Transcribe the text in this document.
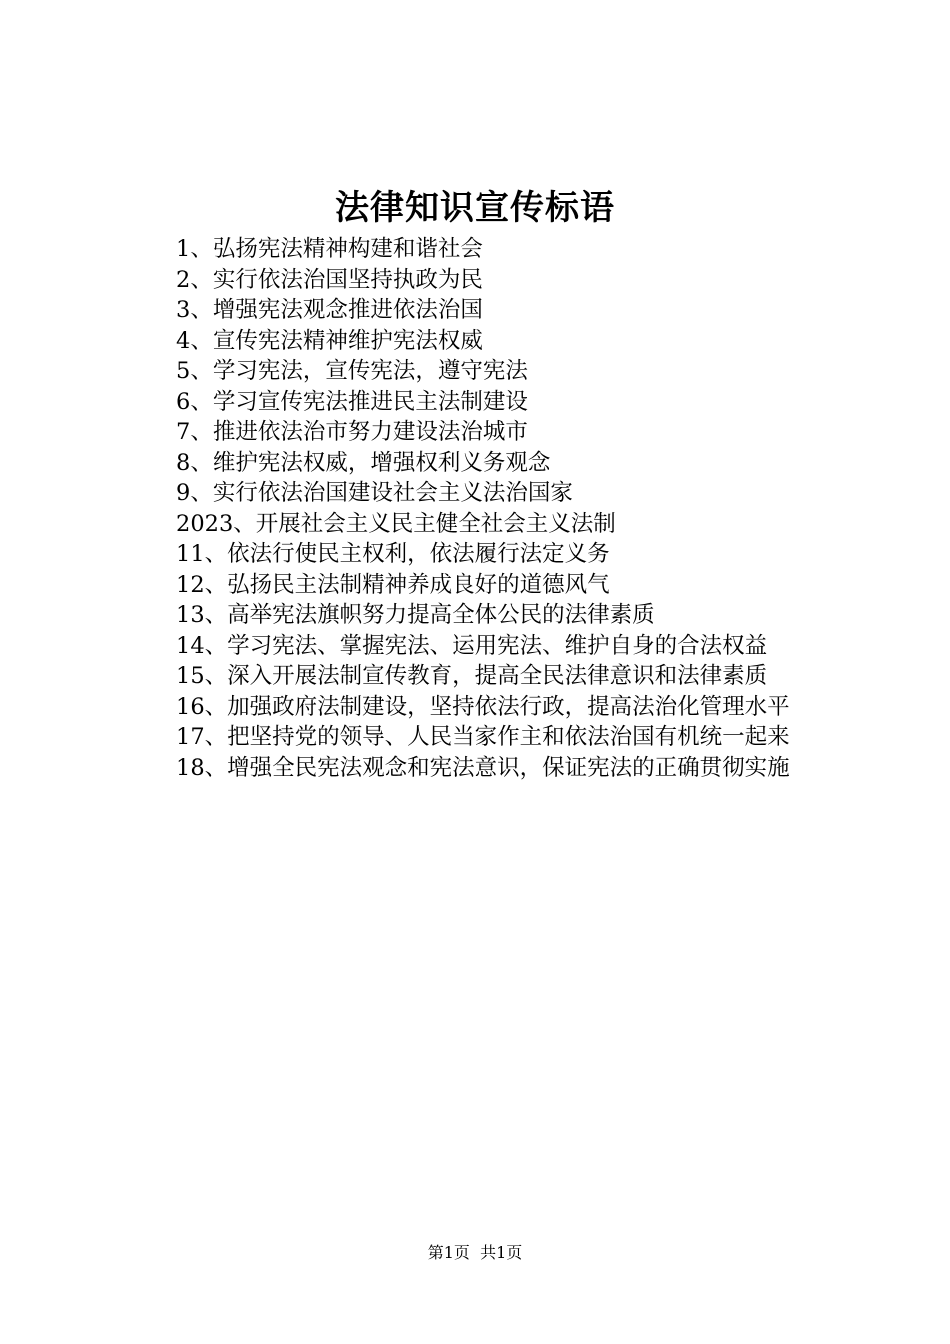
法律知识宣传标语

1、弘扬宪法精神构建和谐社会

2、实行依法治国坚持执政为民

3、增强宪法观念推进依法治国

4、宣传宪法精神维护宪法权威

5、学习宪法，宣传宪法，遵守宪法

6、学习宣传宪法推进民主法制建设

7、推进依法治市努力建设法治城市

8、维护宪法权威，增强权利义务观念

9、实行依法治国建设社会主义法治国家

2023、开展社会主义民主健全社会主义法制

11、依法行使民主权利，依法履行法定义务

12、弘扬民主法制精神养成良好的道德风气

13、高举宪法旗帜努力提高全体公民的法律素质

14、学习宪法、掌握宪法、运用宪法、维护自身的合法权益

15、深入开展法制宣传教育，提高全民法律意识和法律素质

16、加强政府法制建设，坚持依法行政，提高法治化管理水平

17、把坚持党的领导、人民当家作主和依法治国有机统一起来

18、增强全民宪法观念和宪法意识，保证宪法的正确贯彻实施

第1页 共1页
